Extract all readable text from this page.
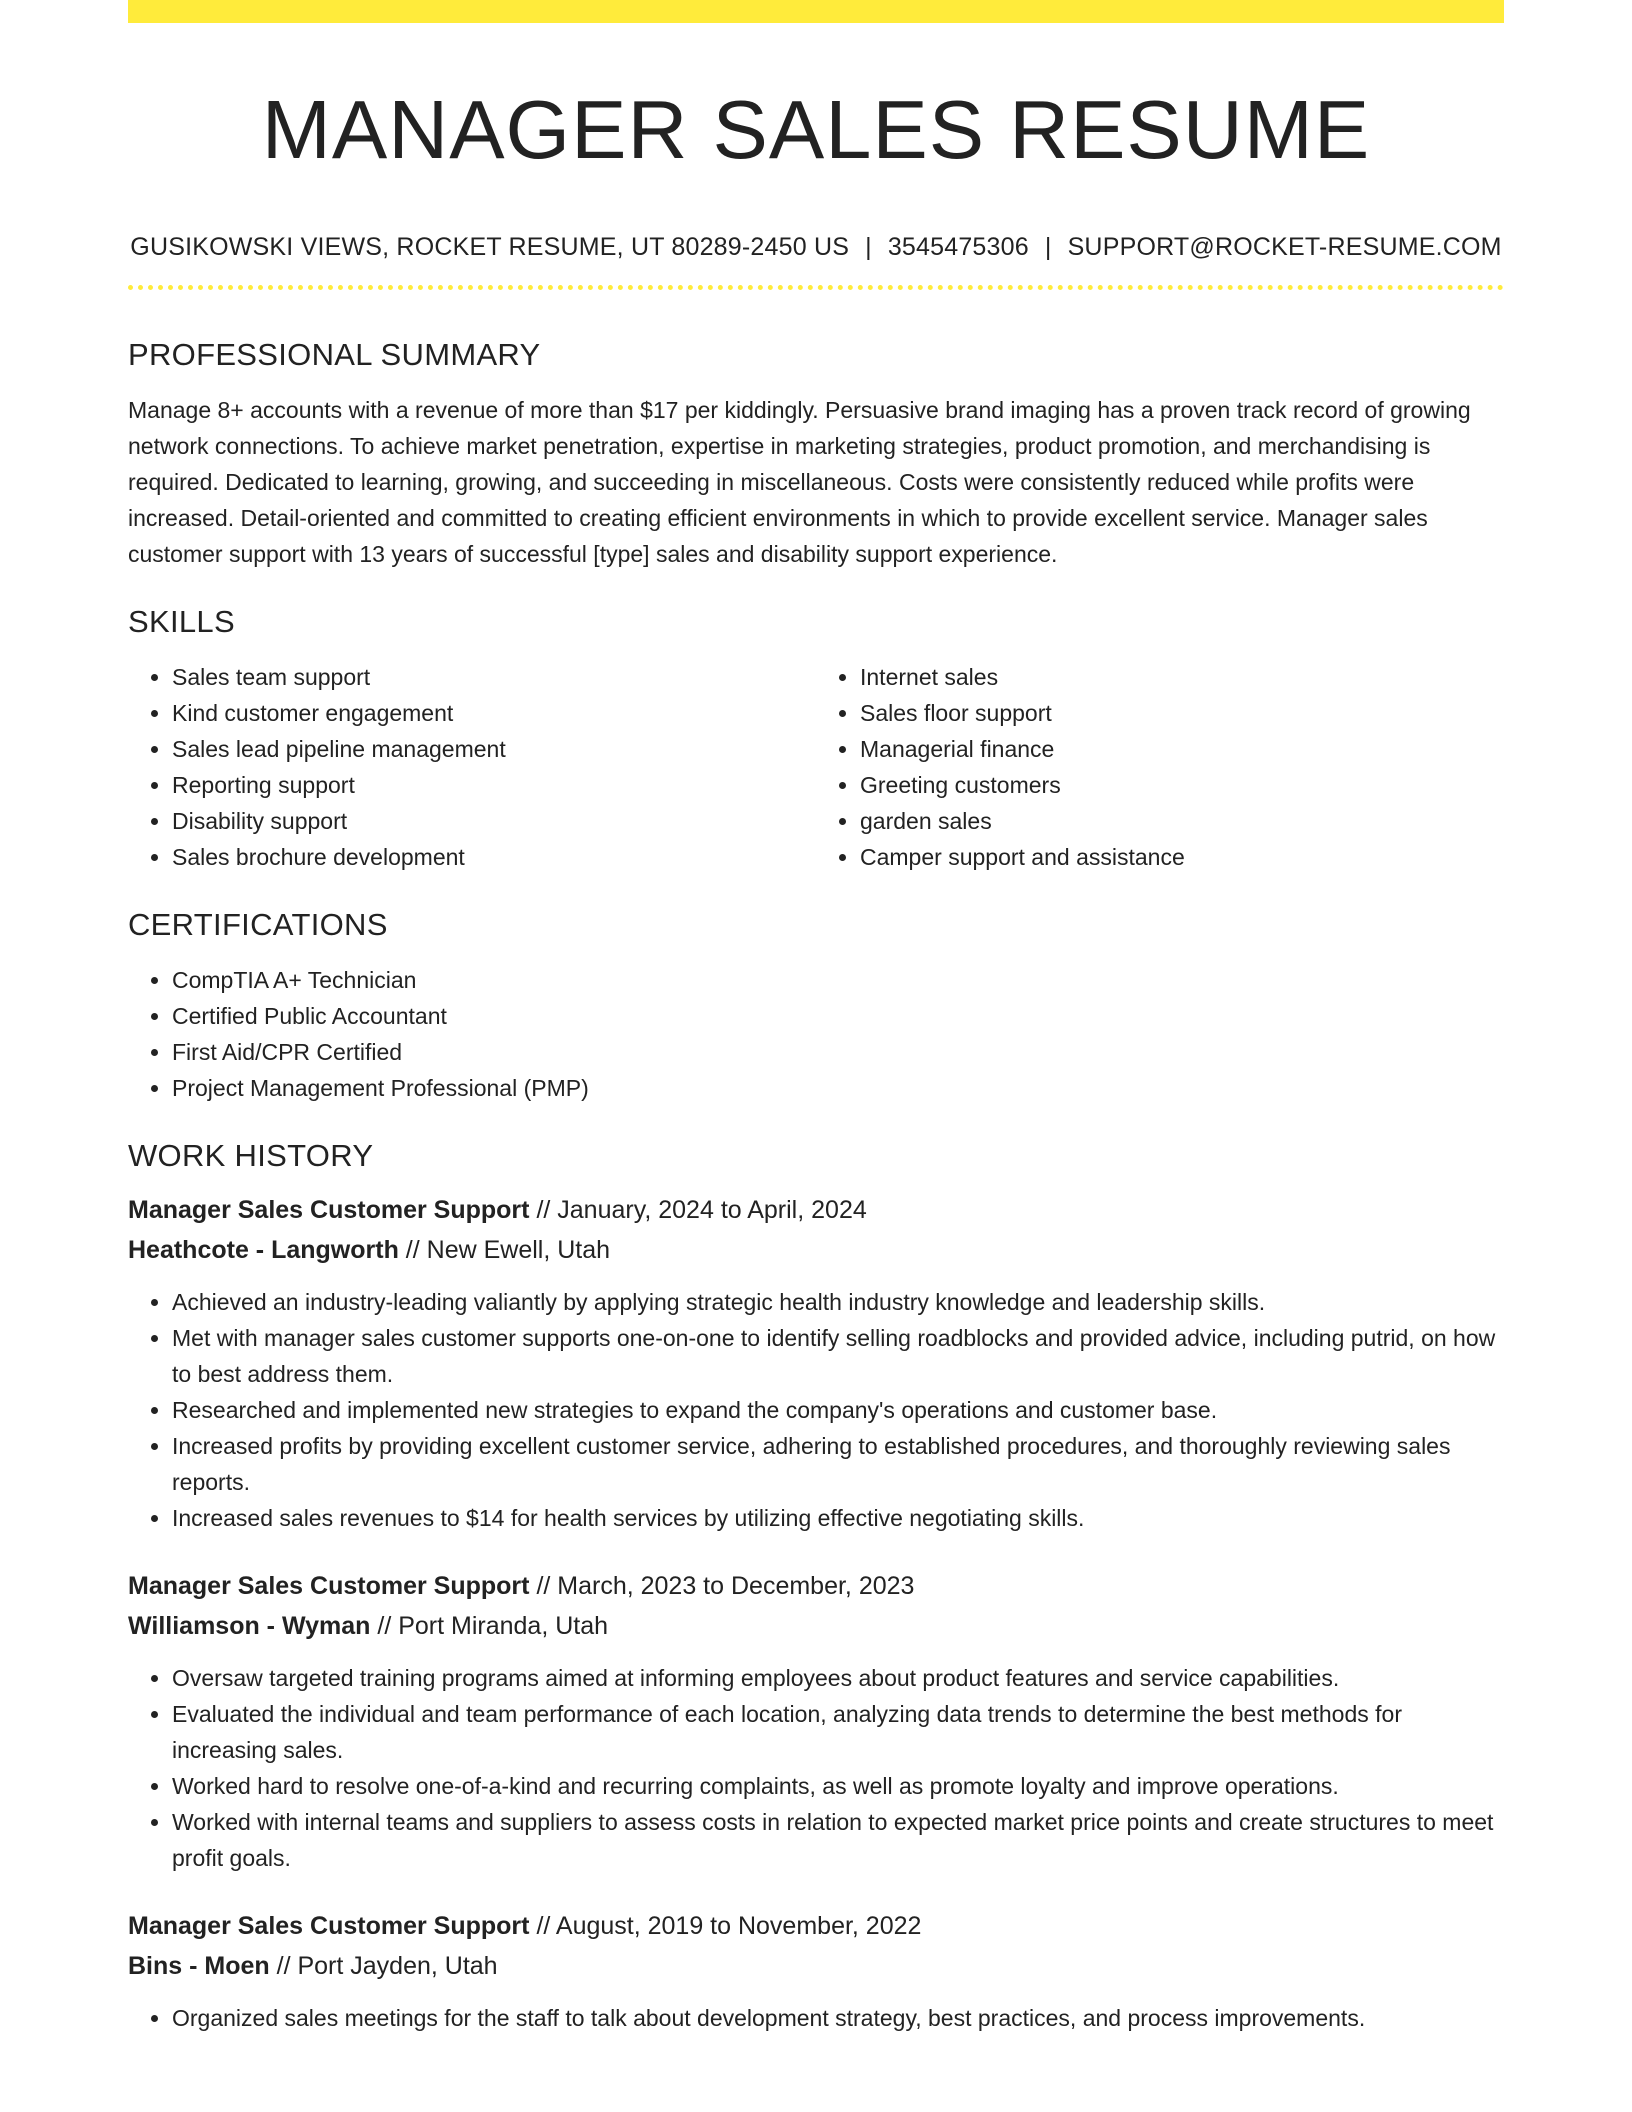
MANAGER SALES RESUME
GUSIKOWSKI VIEWS, ROCKET RESUME, UT 80289-2450 US | 3545475306 | SUPPORT@ROCKET-RESUME.COM
PROFESSIONAL SUMMARY

Manage 8+ accounts with a revenue of more than $17 per kiddingly. Persuasive brand imaging has a proven track record of growing network connections. To achieve market penetration, expertise in marketing strategies, product promotion, and merchandising is required. Dedicated to learning, growing, and succeeding in miscellaneous. Costs were consistently reduced while profits were increased. Detail-oriented and committed to creating efficient environments in which to provide excellent service. Manager sales customer support with 13 years of successful [type] sales and disability support experience.

SKILLS
• Sales team support
• Kind customer engagement
• Sales lead pipeline management
• Reporting support
• Disability support
• Sales brochure development
• Internet sales
• Sales floor support
• Managerial finance
• Greeting customers
• garden sales
• Camper support and assistance
CERTIFICATIONS
• CompTIA A+ Technician
• Certified Public Accountant
• First Aid/CPR Certified
• Project Management Professional (PMP)
WORK HISTORY
Manager Sales Customer Support // January, 2024 to April, 2024
Heathcote - Langworth // New Ewell, Utah
• Achieved an industry-leading valiantly by applying strategic health industry knowledge and leadership skills.
• Met with manager sales customer supports one-on-one to identify selling roadblocks and provided advice, including putrid, on how to best address them.
• Researched and implemented new strategies to expand the company's operations and customer base.
• Increased profits by providing excellent customer service, adhering to established procedures, and thoroughly reviewing sales reports.
• Increased sales revenues to $14 for health services by utilizing effective negotiating skills.
Manager Sales Customer Support // March, 2023 to December, 2023
Williamson - Wyman // Port Miranda, Utah
• Oversaw targeted training programs aimed at informing employees about product features and service capabilities.
• Evaluated the individual and team performance of each location, analyzing data trends to determine the best methods for increasing sales.
• Worked hard to resolve one-of-a-kind and recurring complaints, as well as promote loyalty and improve operations.
• Worked with internal teams and suppliers to assess costs in relation to expected market price points and create structures to meet profit goals.
Manager Sales Customer Support // August, 2019 to November, 2022
Bins - Moen // Port Jayden, Utah
• Organized sales meetings for the staff to talk about development strategy, best practices, and process improvements.
